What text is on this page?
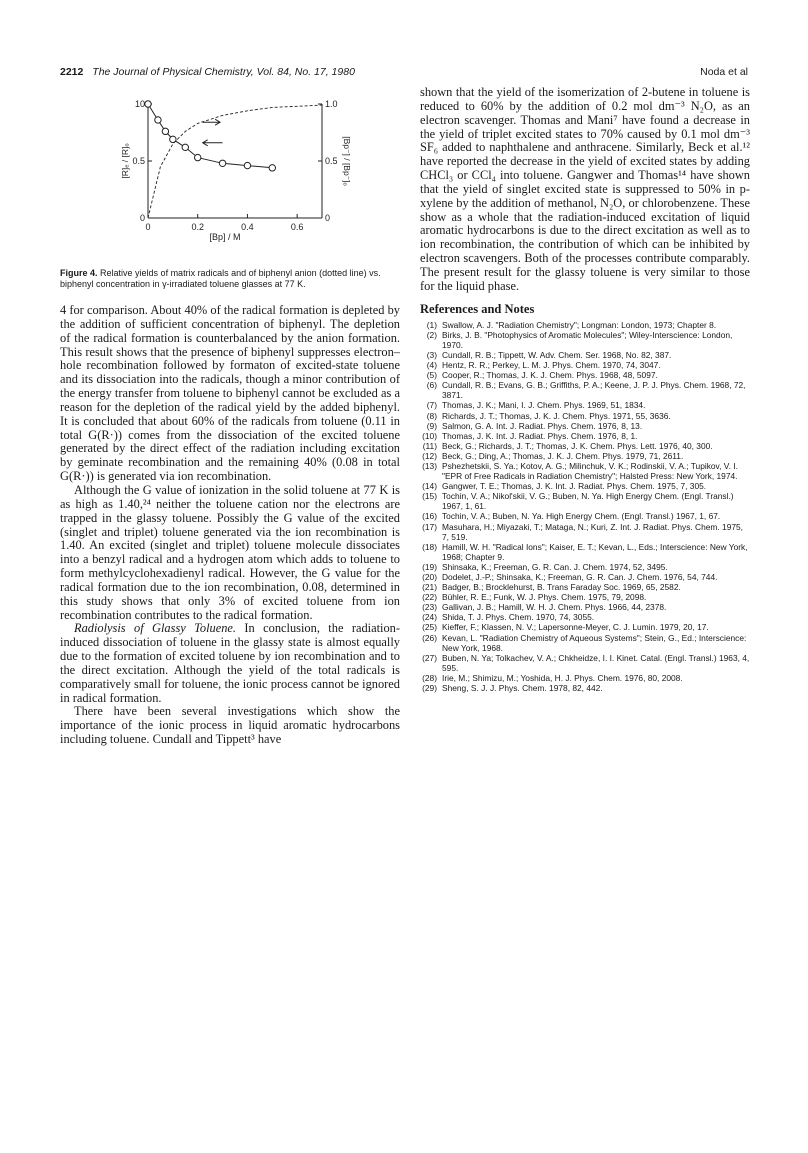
2212 The Journal of Physical Chemistry, Vol. 84, No. 17, 1980	Noda et al
0	0.2	0.4	0.6
0	0
0.5	0.5
10	1.0
[Bp] / M
[R]ₑ / [R]ₒ	[Bp⁻] / [Bp⁻]ₒ
Figure 4. Relative yields of matrix radicals and of biphenyl anion (dotted line) vs. biphenyl concentration in γ-irradiated toluene glasses at 77 K.

4 for comparison. About 40% of the radical formation is depleted by the addition of sufficient concentration of biphenyl. The depletion of the radical formation is counterbalanced by the anion formation. This result shows that the presence of biphenyl suppresses electron–hole recombination followed by formaton of excited-state toluene and its dissociation into the radicals, though a minor contribution of the energy transfer from toluene to biphenyl cannot be excluded as a reason for the depletion of the radical yield by the added biphenyl. It is concluded that about 60% of the radicals from toluene (0.11 in total G(R·)) comes from the dissociation of the excited toluene generated by the direct effect of the radiation including excitation by geminate recombination and the remaining 40% (0.08 in total G(R·)) is generated via ion recombination.

Although the G value of ionization in the solid toluene at 77 K is as high as 1.40,²⁴ neither the toluene cation nor the electrons are trapped in the glassy toluene. Possibly the G value of the excited (singlet and triplet) toluene generated via the ion recombination is 1.40. An excited (singlet and triplet) toluene molecule dissociates into a benzyl radical and a hydrogen atom which adds to toluene to form methylcyclohexadienyl radical. However, the G value for the radical formation due to the ion recombination, 0.08, determined in this study shows that only 3% of excited toluene from ion recombination contributes to the radical formation.

Radiolysis of Glassy Toluene. In conclusion, the radiation-induced dissociation of toluene in the glassy state is almost equally due to the formation of excited toluene by ion recombination and to the direct excitation. Although the yield of the total radicals is comparatively small for toluene, the ionic process cannot be ignored in radical formation.

There have been several investigations which show the importance of the ionic process in liquid aromatic hydrocarbons including toluene. Cundall and Tippett³ have

shown that the yield of the isomerization of 2-butene in toluene is reduced to 60% by the addition of 0.2 mol dm⁻³ N₂O, as an electron scavenger. Thomas and Mani⁷ have found a decrease in the yield of triplet excited states to 70% caused by 0.1 mol dm⁻³ SF₆ added to naphthalene and anthracene. Similarly, Beck et al.¹² have reported the decrease in the yield of excited states by adding CHCl₃ or CCl₄ into toluene. Gangwer and Thomas¹⁴ have shown that the yield of singlet excited state is suppressed to 50% in p-xylene by the addition of methanol, N₂O, or chlorobenzene. These show as a whole that the radiation-induced excitation of liquid aromatic hydrocarbons is due to the direct excitation as well as to ion recombination, the contribution of which can be inhibited by electron scavengers. Both of the processes contribute comparably. The present result for the glassy toluene is very similar to those for the liquid phase.

References and Notes
(1) Swallow, A. J. "Radiation Chemistry"; Longman: London, 1973; Chapter 8.
(2) Birks, J. B. "Photophysics of Aromatic Molecules"; Wiley-Interscience: London, 1970.
(3) Cundall, R. B.; Tippett, W. Adv. Chem. Ser. 1968, No. 82, 387.
(4) Hentz, R. R.; Perkey, L. M. J. Phys. Chem. 1970, 74, 3047.
(5) Cooper, R.; Thomas, J. K. J. Chem. Phys. 1968, 48, 5097.
(6) Cundall, R. B.; Evans, G. B.; Griffiths, P. A.; Keene, J. P. J. Phys. Chem. 1968, 72, 3871.
(7) Thomas, J. K.; Mani, I. J. Chem. Phys. 1969, 51, 1834.
(8) Richards, J. T.; Thomas, J. K. J. Chem. Phys. 1971, 55, 3636.
(9) Salmon, G. A. Int. J. Radiat. Phys. Chem. 1976, 8, 13.
(10) Thomas, J. K. Int. J. Radiat. Phys. Chem. 1976, 8, 1.
(11) Beck, G.; Richards, J. T.; Thomas, J. K. Chem. Phys. Lett. 1976, 40, 300.
(12) Beck, G.; Ding, A.; Thomas, J. K. J. Chem. Phys. 1979, 71, 2611.
(13) Pshezhetskii, S. Ya.; Kotov, A. G.; Milinchuk, V. K.; Rodinskii, V. A.; Tupikov, V. I. "EPR of Free Radicals in Radiation Chemistry"; Halsted Press: New York, 1974.
(14) Gangwer, T. E.; Thomas, J. K. Int. J. Radiat. Phys. Chem. 1975, 7, 305.
(15) Tochin, V. A.; Nikol'skii, V. G.; Buben, N. Ya. High Energy Chem. (Engl. Transl.) 1967, 1, 61.
(16) Tochin, V. A.; Buben, N. Ya. High Energy Chem. (Engl. Transl.) 1967, 1, 67.
(17) Masuhara, H.; Miyazaki, T.; Mataga, N.; Kuri, Z. Int. J. Radiat. Phys. Chem. 1975, 7, 519.
(18) Hamill, W. H. "Radical Ions"; Kaiser, E. T.; Kevan, L., Eds.; Interscience: New York, 1968; Chapter 9.
(19) Shinsaka, K.; Freeman, G. R. Can. J. Chem. 1974, 52, 3495.
(20) Dodelet, J.-P.; Shinsaka, K.; Freeman, G. R. Can. J. Chem. 1976, 54, 744.
(21) Badger, B.; Brocklehurst, B. Trans Faraday Soc. 1969, 65, 2582.
(22) Bühler, R. E.; Funk, W. J. Phys. Chem. 1975, 79, 2098.
(23) Gallivan, J. B.; Hamill, W. H. J. Chem. Phys. 1966, 44, 2378.
(24) Shida, T. J. Phys. Chem. 1970, 74, 3055.
(25) Kieffer, F.; Klassen, N. V.; Lapersonne-Meyer, C. J. Lumin. 1979, 20, 17.
(26) Kevan, L. "Radiation Chemistry of Aqueous Systems"; Stein, G., Ed.; Interscience: New York, 1968.
(27) Buben, N. Ya; Tolkachev, V. A.; Chkheidze, I. I. Kinet. Catal. (Engl. Transl.) 1963, 4, 595.
(28) Irie, M.; Shimizu, M.; Yoshida, H. J. Phys. Chem. 1976, 80, 2008.
(29) Sheng, S. J. J. Phys. Chem. 1978, 82, 442.
